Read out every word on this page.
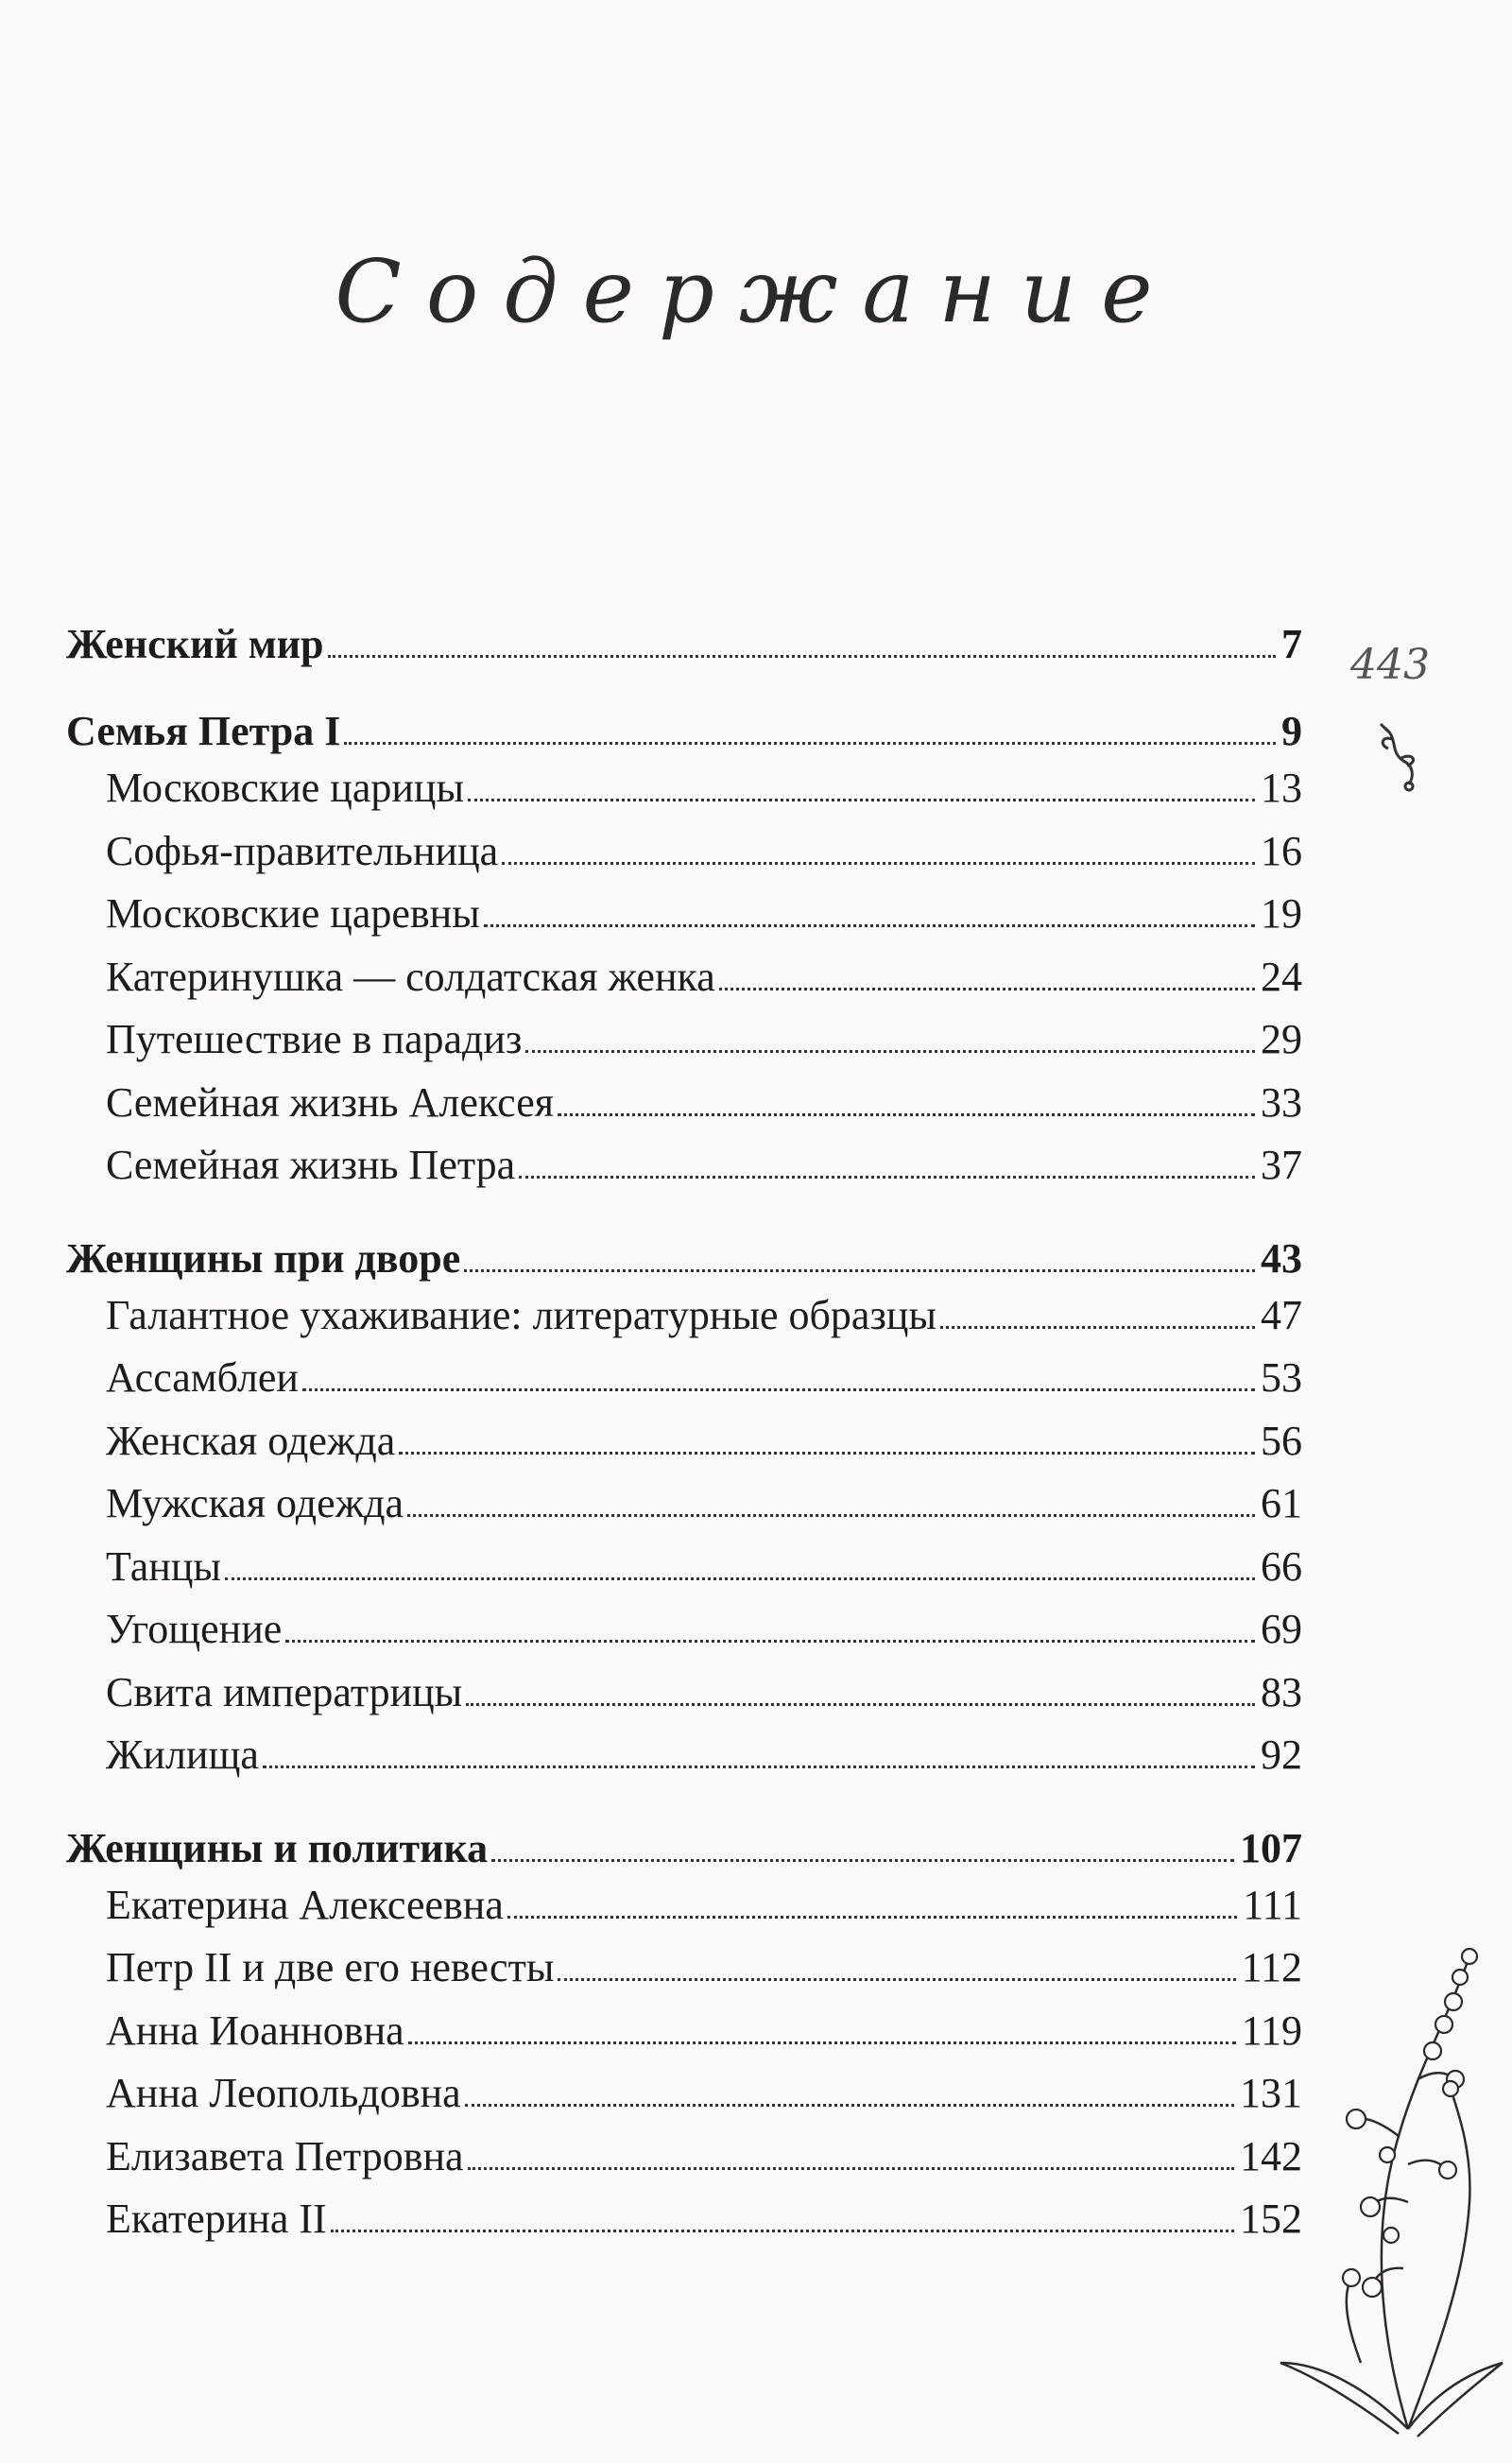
Содержание
Женский мир	7
Семья Петра I	9
Московские царицы	13
Софья-правительница	16
Московские царевны	19
Катеринушка — солдатская женка	24
Путешествие в парадиз	29
Семейная жизнь Алексея	33
Семейная жизнь Петра	37
Женщины при дворе	43
Галантное ухаживание: литературные образцы	47
Ассамблеи	53
Женская одежда	56
Мужская одежда	61
Танцы	66
Угощение	69
Свита императрицы	83
Жилища	92
Женщины и политика	107
Екатерина Алексеевна	111
Петр II и две его невесты	112
Анна Иоанновна	119
Анна Леопольдовна	131
Елизавета Петровна	142
Екатерина II	152
443
